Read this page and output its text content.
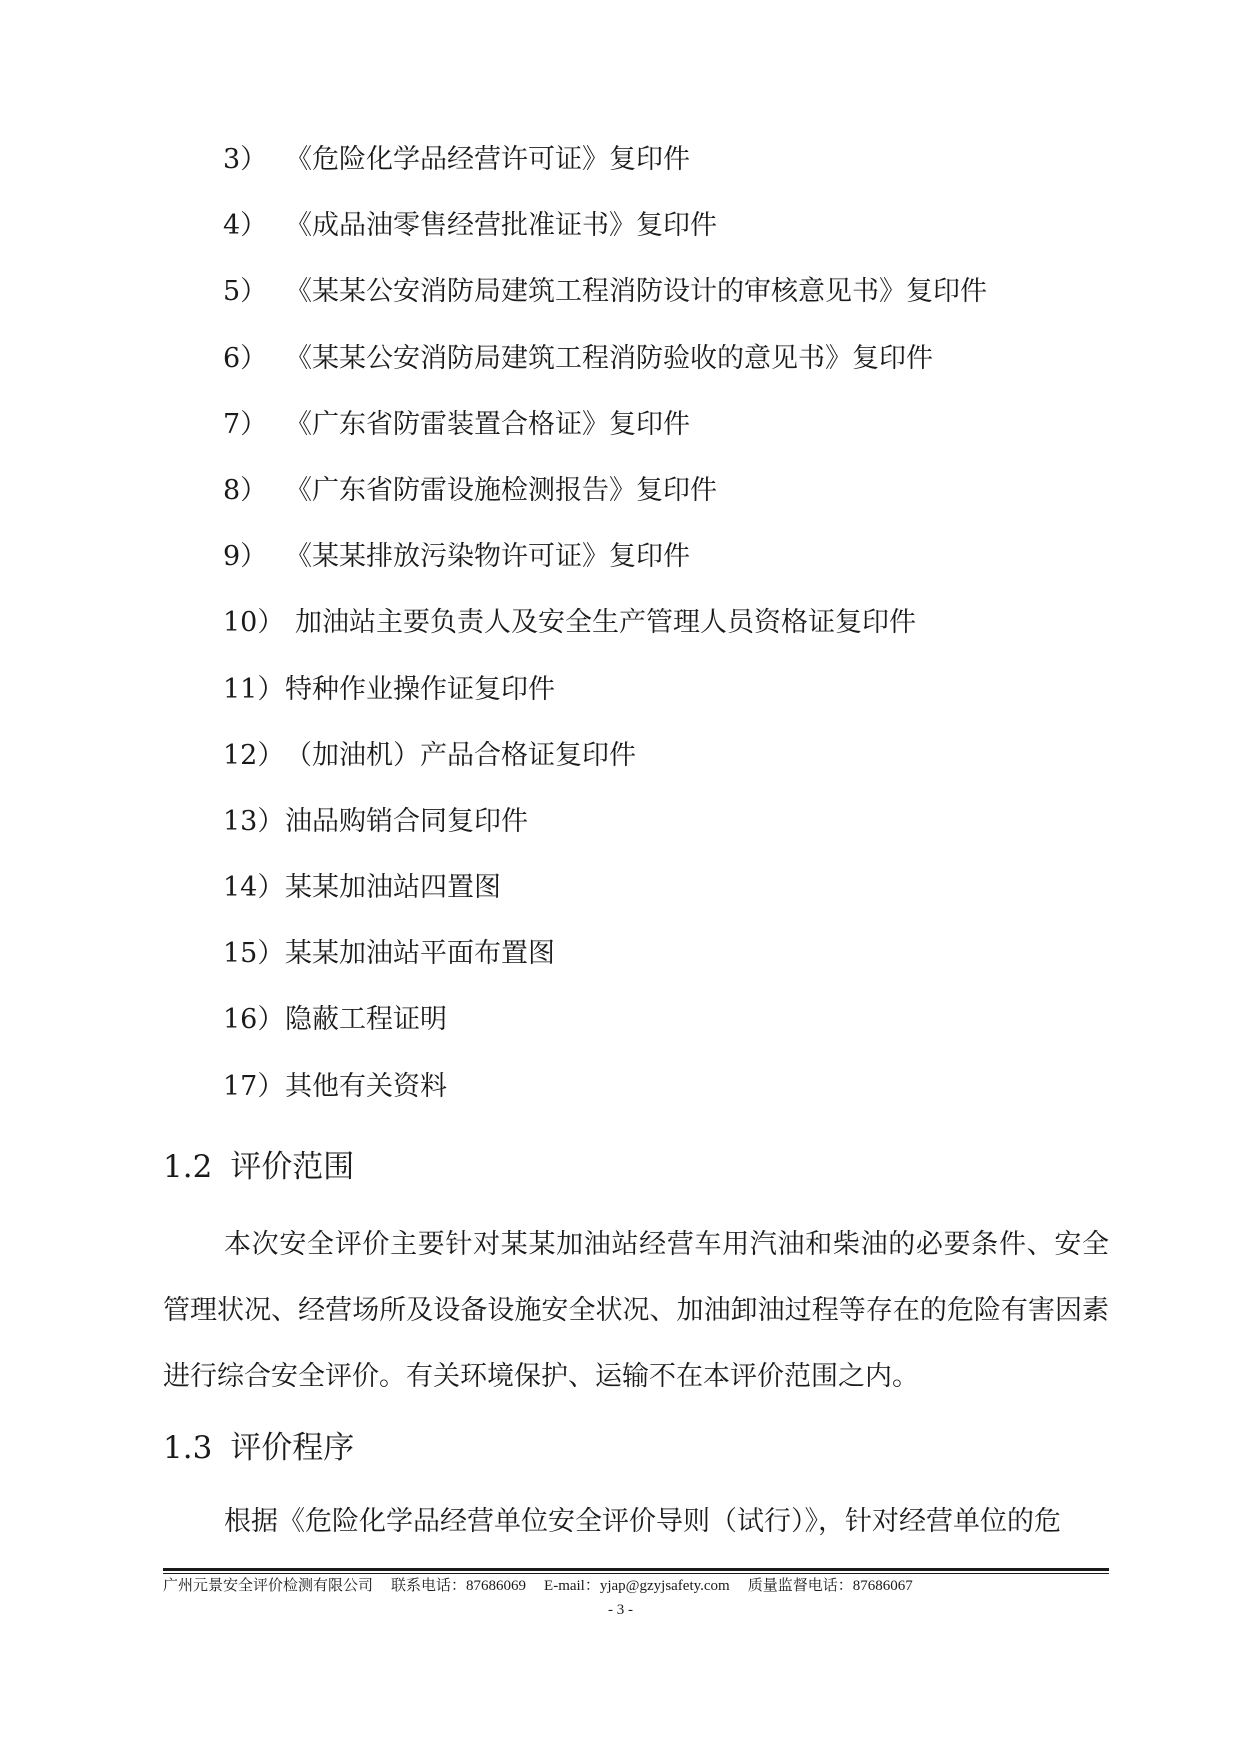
3） 《危险化学品经营许可证》复印件
4） 《成品油零售经营批准证书》复印件
5） 《某某公安消防局建筑工程消防设计的审核意见书》复印件
6） 《某某公安消防局建筑工程消防验收的意见书》复印件
7） 《广东省防雷装置合格证》复印件
8） 《广东省防雷设施检测报告》复印件
9） 《某某排放污染物许可证》复印件
10） 加油站主要负责人及安全生产管理人员资格证复印件
11）特种作业操作证复印件
12）（加油机）产品合格证复印件
13）油品购销合同复印件
14）某某加油站四置图
15）某某加油站平面布置图
16）隐蔽工程证明
17）其他有关资料
1.2 评价范围

本次安全评价主要针对某某加油站经营车用汽油和柴油的必要条件、安全管理状况、经营场所及设备设施安全状况、加油卸油过程等存在的危险有害因素进行综合安全评价。有关环境保护、运输不在本评价范围之内。

1.3 评价程序

根据《危险化学品经营单位安全评价导则（试行）》，针对经营单位的危

广州元景安全评价检测有限公司 联系电话：87686069 E-mail：yjap@gzyjsafety.com 质量监督电话：87686067
- 3 -
